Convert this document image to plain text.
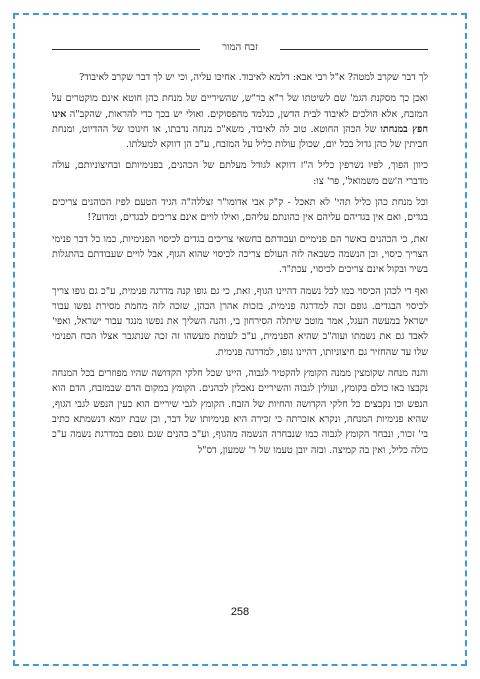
זבח המור

לך דבר שקרב למטה? א"ל רבי אבא: דלמא לאיבוד. אחיכו עליה, וכי יש לך דבר שקרב לאיבוד?

ואכן כך מסקנת הגמ' שם לשיטתו של ר"א בר"ש, שהשיריים של מנחת כהן חוטא אינם מוקטרים על המזבח, אלא הולכים לאיבוד לבית הדשן, כנלמד מהפסוקים. ואולי יש בכך כדי להראות, שהקב"ה אינו חפץ במנחתו של הכהן החוטא. טוב לה לאיבוד, משא"כ מנחה נדבתו, או חינוכו של ההדיוט, ומנחת חביתין של כהן גדול בכל יום, שכולן עולות כליל על המזבח, ע"כ הן דווקא למעלתו.

כיוון הפוך, לפיו נשרפין כליל ה"ז דווקא לגודל מעלתם של הכהנים, בפנימיותם ובחיצוניותם, עולה מדברי ה'שם משמואל', פר' צו:

וכל מנחת כהן כליל תהי' לא תאכל - ק"ק אבי אדומו"ר זצללה"ה הגיד הטעם לפיז הכוהנים צריכים בגדים, ואם אין בגדיהם עליהם אין כהונתם עליהם, ואילו לויים אינם צריכים לבגדים, ומדוע?!

זאת, כי הכהנים באשר הם פנימיים ועבודתם בחשאי צריכים בגדים לכיסוי הפנימיות, כמו כל דבר פנימי הצריך כיסוי, וכן הנשמה כשבאה לזה העולם צריכה לכיסוי שהוא הגוף, אבל לויים שעבודתם בהתגלות בשיר ובקול אינם צריכים לכיסוי, עכת"ד.

ואף די לכהן הכיסוי כמו לכל נשמה דהיינו הגוף, זאת, כי גם גופו קנה מדרגה פנימית, ע"כ גם גופו צריך לכיסוי הבגדים. גופם זכה למדרגה פנימית, בזכות אהרן הכהן, שזכה לזה מחמת מסירת נפשו עבור ישראל במעשה העגל, אמר מוטב שיתלה הסירחון בי, והנה השליך את נפשו מנגד עבור ישראל, ואפי' לאבד גם את נשמתו ועוה"ב שהיא הפנימית, ע"כ לעומת מעשהו זה זכה שנתגבר אצלו הכח הפנימי שלו עד שהחזיר גם חיצוניותו, דהיינו גופו, למדרגה פנימית.

והנה מנחה שקומצין ממנה הקומץ להקטיר לגבוה, היינו שכל חלקי הקדושה שהיו מפוזרים בכל המנחה נקבצו באו כולם בקומץ, ועולין לגבוה והשיריים נאכלין לכהנים. הקומץ במקום הדם שבמזבח, הדם הוא הנפש וכו נקבצים כל חלקי הקדושה והחיות של הזבח. הקומץ לגבי שיריים הוא כעין הנפש לגבי הגוף, שהיא פנימיות המנחה, ונקרא אזכרתה כי זכירה היא פנימיותו של דבר, וכן שבת יומא דנשמתא כתיב בי' זכור, ונבחר הקומץ לגבוה כמו שנבחרה הנשמה מהגוף, וע"כ כהנים שגם גופם במדרגת נשמה ע"כ כולה כליל, ואין בה קמיצה. ובזה יובן טעמו של ר' שמעון, דס"ל

258
